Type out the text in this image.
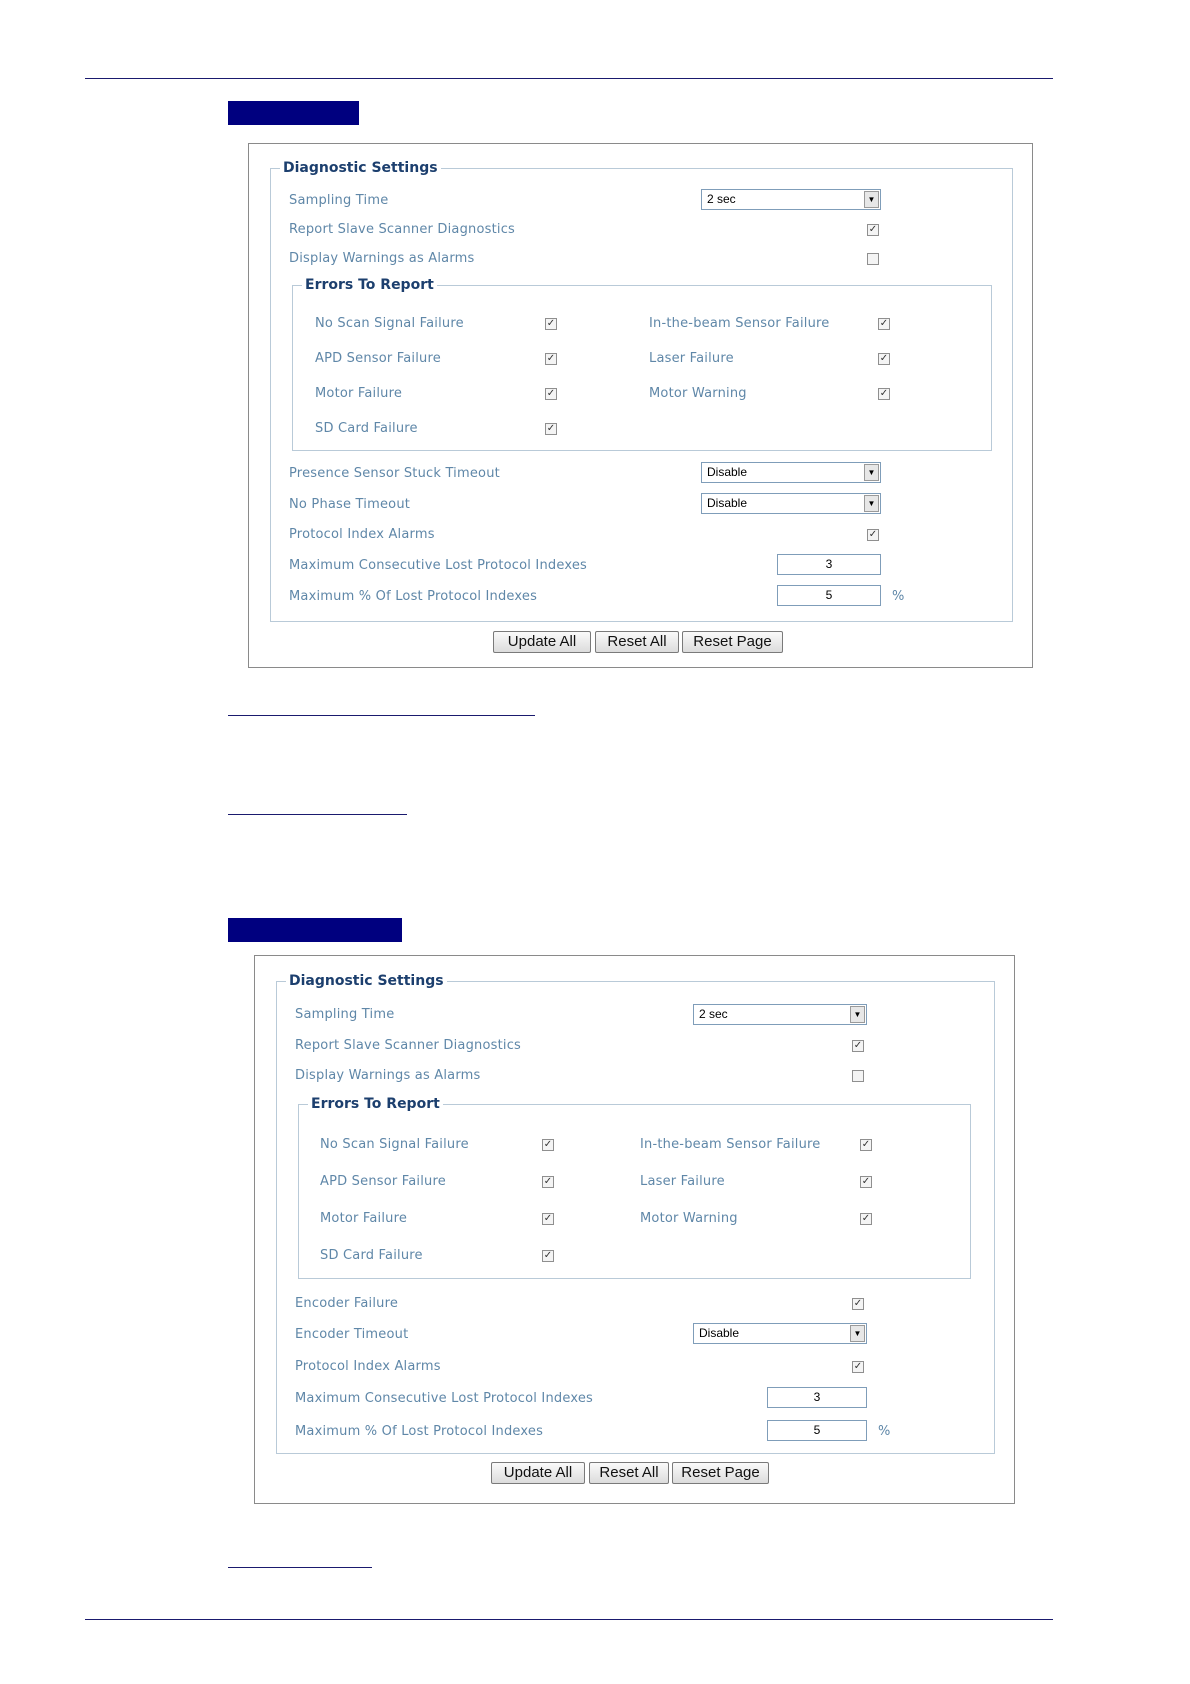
Diagnostic Settings
Sampling Time	2 sec	▼
Report Slave Scanner Diagnostics	✓
Display Warnings as Alarms
Errors To Report
No Scan Signal Failure	✓	In-the-beam Sensor Failure	✓
APD Sensor Failure	✓	Laser Failure	✓
Motor Failure	✓	Motor Warning	✓
SD Card Failure	✓
Presence Sensor Stuck Timeout	Disable	▼
No Phase Timeout	Disable	▼
Protocol Index Alarms	✓
Maximum Consecutive Lost Protocol Indexes	3
Maximum % Of Lost Protocol Indexes	5	%
Update All	Reset All	Reset Page
Diagnostic Settings
Sampling Time	2 sec	▼
Report Slave Scanner Diagnostics	✓
Display Warnings as Alarms
Errors To Report
No Scan Signal Failure	✓	In-the-beam Sensor Failure	✓
APD Sensor Failure	✓	Laser Failure	✓
Motor Failure	✓	Motor Warning	✓
SD Card Failure	✓
Encoder Failure	✓
Encoder Timeout	Disable	▼
Protocol Index Alarms	✓
Maximum Consecutive Lost Protocol Indexes	3
Maximum % Of Lost Protocol Indexes	5	%
Update All	Reset All	Reset Page
